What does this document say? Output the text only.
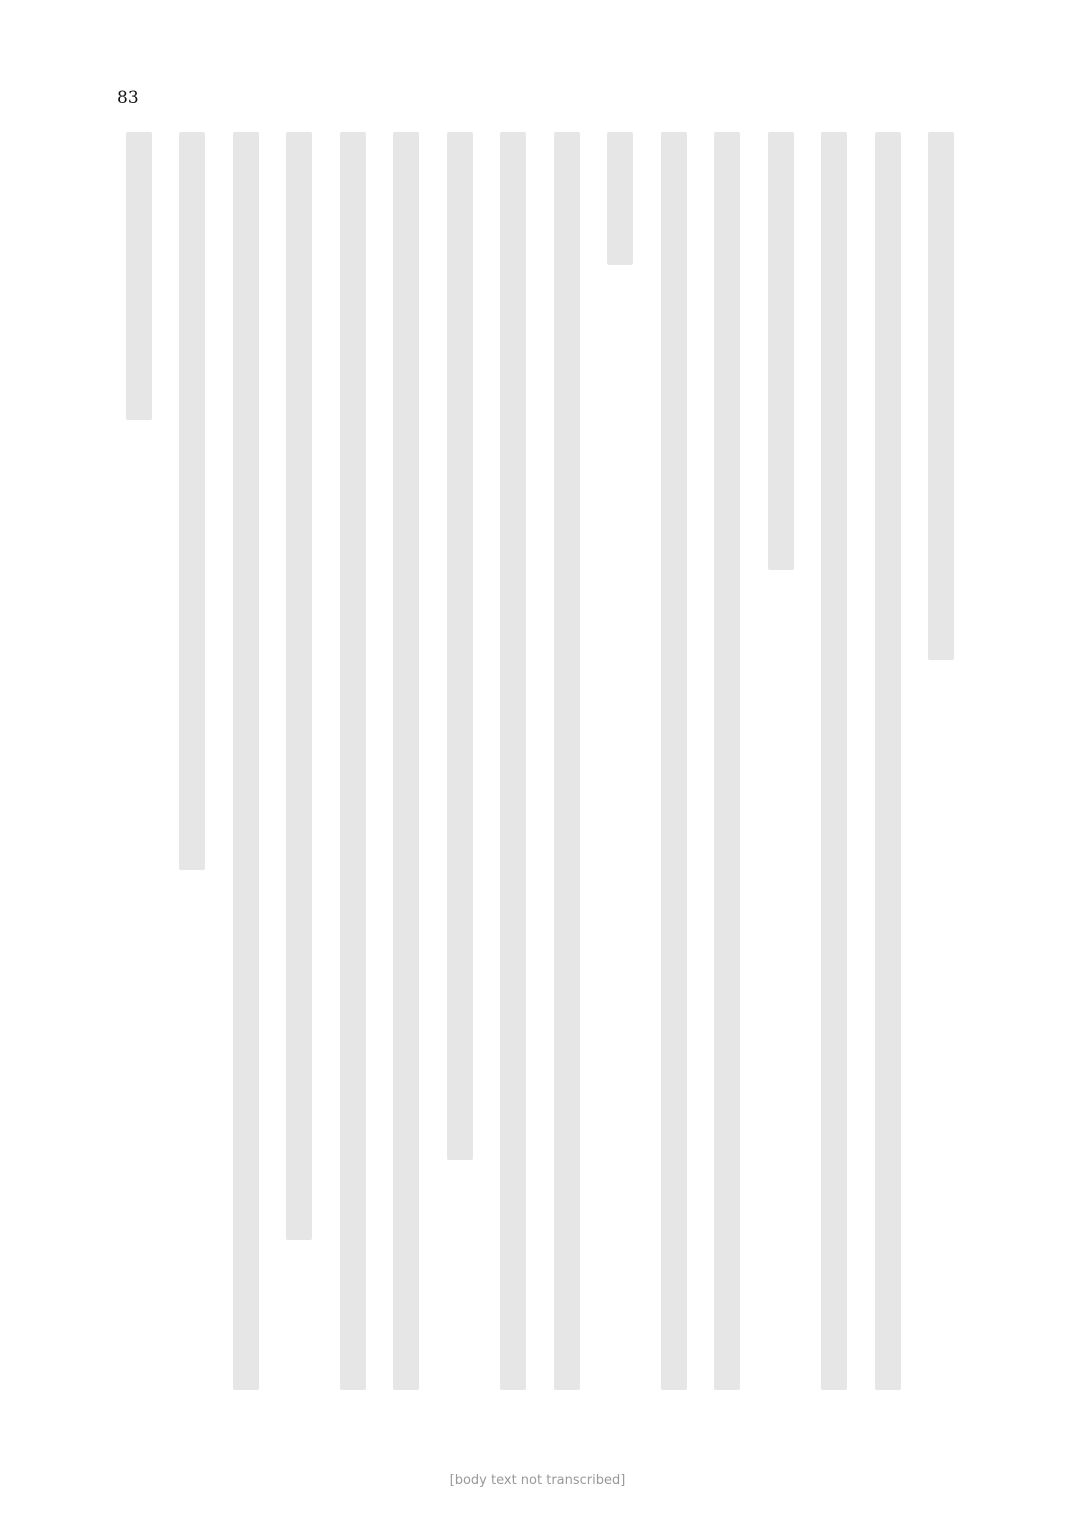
83
[body text not transcribed]
